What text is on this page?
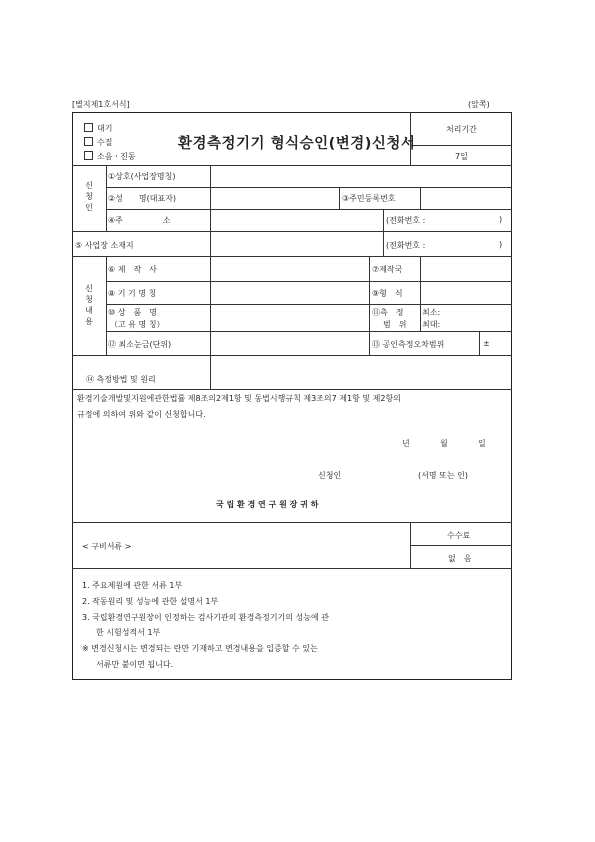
[별지제1호서식]	(앞쪽)
대기
수질
소음ㆍ진동
환경측정기기 형식승인(변경)신청서
처리기간
7일
신
청
인
①상호(사업장명칭)
②성　　명(대표자)	③주민등록번호
④주　　　　　소	(전화번호 :	)
⑤ 사업장 소재지	(전화번호 :	)
신
청
내
용
⑥ 제　작　사	⑦제작국
⑧ 기 기 명 칭	⑨형　식
⑩ 상　품　명
（고 유 명 칭）
⑪측　정
범　위
최소:
최대:
⑫ 최소눈금(단위)	⑬ 공인측정오차범위	±
⑭ 측정방법 및 원리
환경기술개발및지원에관한법률 제8조의2제1항 및 동법시행규칙 제3조의7 제1항 및 제2항의
규정에 의하여 위와 같이 신청합니다.
년	월	일
신청인	(서명 또는 인)
국 립 환 경 연 구 원 장 귀 하
< 구비서류 >
수수료
없　음
1. 주요제원에 관한 서류 1부
2. 작동원리 및 성능에 관한 설명서 1부
3. 국립환경연구원장이 인정하는 검사기관의 환경측정기기의 성능에 관
한 시험성적서 1부
※ 변경신청시는 변경되는 란만 기재하고 변경내용을 입증할 수 있는
서류만 붙이면 됩니다.
